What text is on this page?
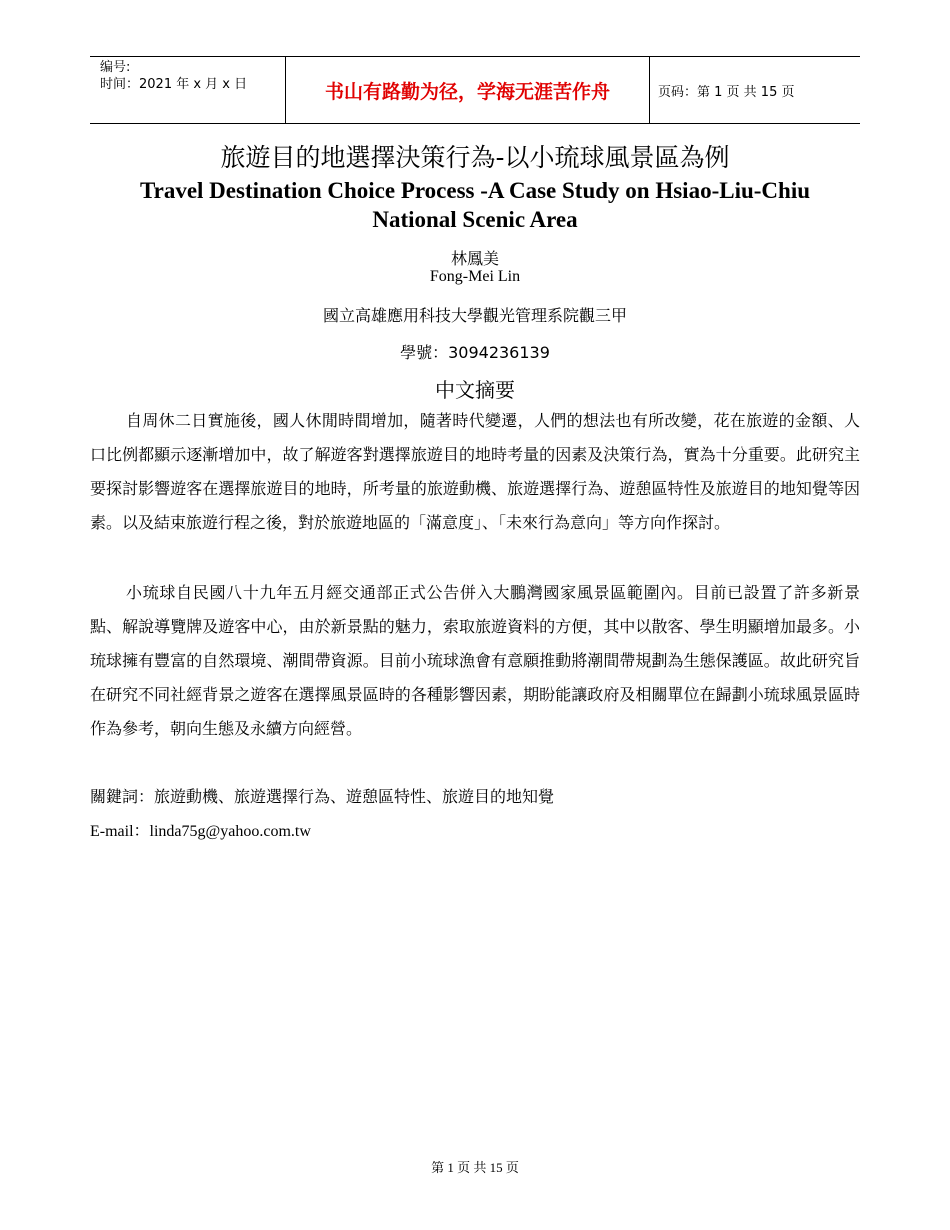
编号:
时间：2021 年 x 月 x 日	书山有路勤为径，学海无涯苦作舟	页码：第 1 页 共 15 页
旅遊目的地選擇決策行為-以小琉球風景區為例
Travel Destination Choice Process -A Case Study on Hsiao-Liu-Chiu National Scenic Area
林鳳美
Fong-Mei Lin
國立高雄應用科技大學觀光管理系院觀三甲
學號：3094236139
中文摘要

自周休二日實施後，國人休閒時間增加，隨著時代變遷，人們的想法也有所改變，花在旅遊的金額、人口比例都顯示逐漸增加中，故了解遊客對選擇旅遊目的地時考量的因素及決策行為，實為十分重要。此研究主要探討影響遊客在選擇旅遊目的地時，所考量的旅遊動機、旅遊選擇行為、遊憩區特性及旅遊目的地知覺等因素。以及結束旅遊行程之後，對於旅遊地區的「滿意度」、「未來行為意向」等方向作探討。

小琉球自民國八十九年五月經交通部正式公告併入大鵬灣國家風景區範圍內。目前已設置了許多新景點、解說導覽牌及遊客中心，由於新景點的魅力，索取旅遊資料的方便，其中以散客、學生明顯增加最多。小琉球擁有豐富的自然環境、潮間帶資源。目前小琉球漁會有意願推動將潮間帶規劃為生態保護區。故此研究旨在研究不同社經背景之遊客在選擇風景區時的各種影響因素，期盼能讓政府及相關單位在歸劃小琉球風景區時作為參考，朝向生態及永續方向經營。

關鍵詞：旅遊動機、旅遊選擇行為、遊憩區特性、旅遊目的地知覺
E-mail：linda75g@yahoo.com.tw
第 1 页 共 15 页
